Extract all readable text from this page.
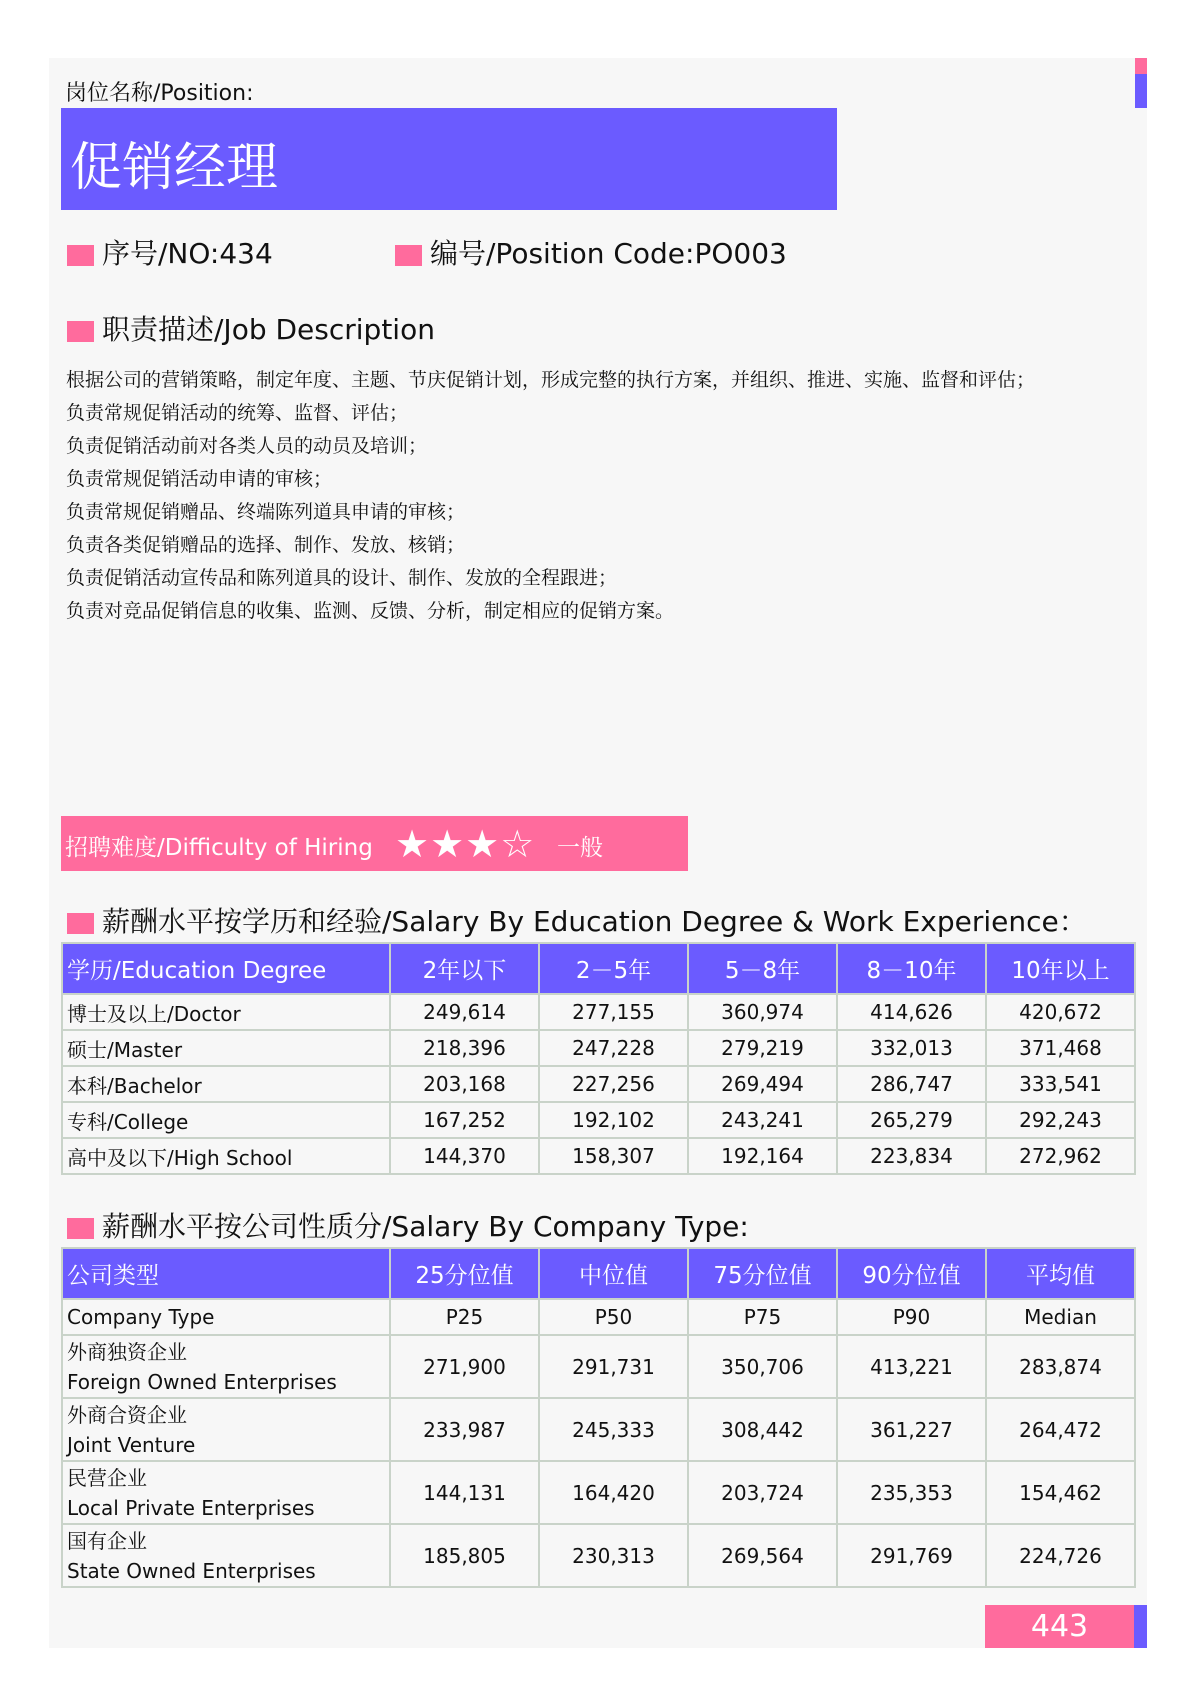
岗位名称/Position:
促销经理
序号/NO:434	编号/Position Code:PO003
职责描述/Job Description
根据公司的营销策略，制定年度、主题、节庆促销计划，形成完整的执行方案，并组织、推进、实施、监督和评估；
负责常规促销活动的统筹、监督、评估；
负责促销活动前对各类人员的动员及培训；
负责常规促销活动申请的审核；
负责常规促销赠品、终端陈列道具申请的审核；
负责各类促销赠品的选择、制作、发放、核销；
负责促销活动宣传品和陈列道具的设计、制作、发放的全程跟进；
负责对竞品促销信息的收集、监测、反馈、分析，制定相应的促销方案。
招聘难度/Difficulty of Hiring ★★★☆ 一般
薪酬水平按学历和经验/Salary By Education Degree & Work Experience：
学历/Education Degree	2年以下	2－5年	5－8年	8－10年	10年以上
博士及以上/Doctor	249,614	277,155	360,974	414,626	420,672
硕士/Master	218,396	247,228	279,219	332,013	371,468
本科/Bachelor	203,168	227,256	269,494	286,747	333,541
专科/College	167,252	192,102	243,241	265,279	292,243
高中及以下/High School	144,370	158,307	192,164	223,834	272,962
薪酬水平按公司性质分/Salary By Company Type:
公司类型	25分位值	中位值	75分位值	90分位值	平均值
Company Type	P25	P50	P75	P90	Median

外商独资企业
Foreign Owned Enterprises	271,900	291,731	350,706	413,221	283,874

外商合资企业
Joint Venture	233,987	245,333	308,442	361,227	264,472

民营企业
Local Private Enterprises	144,131	164,420	203,724	235,353	154,462

国有企业
State Owned Enterprises	185,805	230,313	269,564	291,769	224,726
443
